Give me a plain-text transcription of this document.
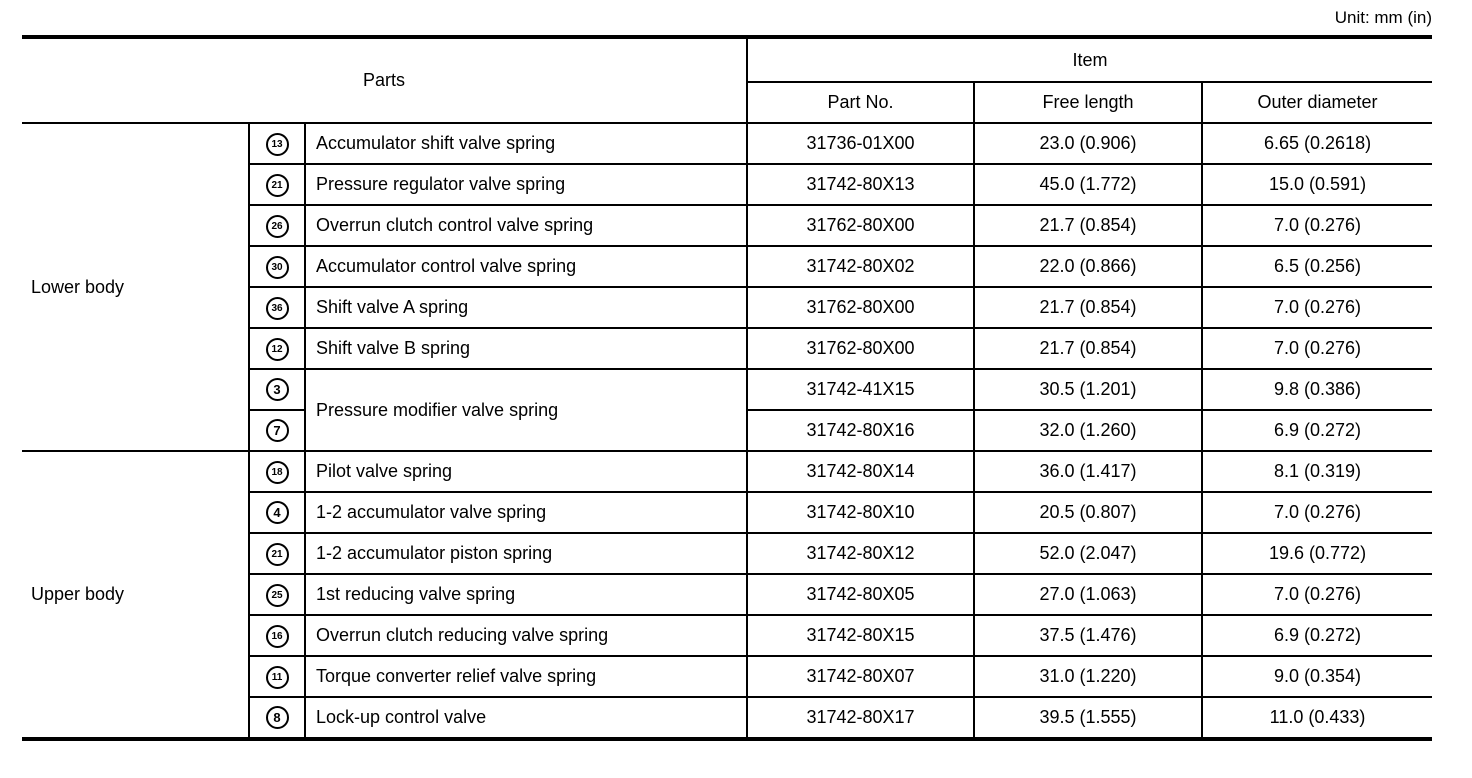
Unit: mm (in)
Parts			Item		
			Part No.	Free length	Outer diameter
Lower body	13	Accumulator shift valve spring	31736-01X00	23.0 (0.906)	6.65 (0.2618)
	21	Pressure regulator valve spring	31742-80X13	45.0 (1.772)	15.0 (0.591)
	26	Overrun clutch control valve spring	31762-80X00	21.7 (0.854)	7.0 (0.276)
	30	Accumulator control valve spring	31742-80X02	22.0 (0.866)	6.5 (0.256)
	36	Shift valve A spring	31762-80X00	21.7 (0.854)	7.0 (0.276)
	12	Shift valve B spring	31762-80X00	21.7 (0.854)	7.0 (0.276)
	3	Pressure modifier valve spring	31742-41X15	30.5 (1.201)	9.8 (0.386)
	7		31742-80X16	32.0 (1.260)	6.9 (0.272)
Upper body	18	Pilot valve spring	31742-80X14	36.0 (1.417)	8.1 (0.319)
	4	1-2 accumulator valve spring	31742-80X10	20.5 (0.807)	7.0 (0.276)
	21	1-2 accumulator piston spring	31742-80X12	52.0 (2.047)	19.6 (0.772)
	25	1st reducing valve spring	31742-80X05	27.0 (1.063)	7.0 (0.276)
	16	Overrun clutch reducing valve spring	31742-80X15	37.5 (1.476)	6.9 (0.272)
	11	Torque converter relief valve spring	31742-80X07	31.0 (1.220)	9.0 (0.354)
	8	Lock-up control valve	31742-80X17	39.5 (1.555)	11.0 (0.433)
